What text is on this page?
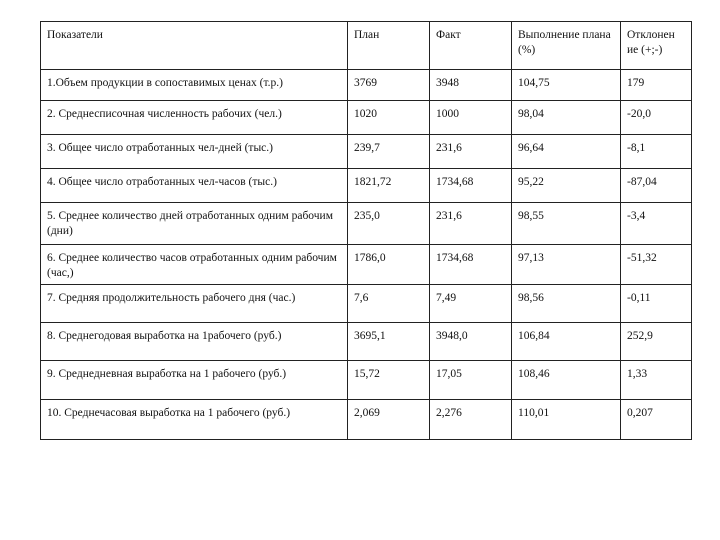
Показатели	План	Факт	Выполнение плана (%)	Отклонен ие (+;-)
1.Объем продукции в сопоставимых ценах (т.р.)	3769	3948	104,75	179
2. Среднесписочная численность рабочих (чел.)	1020	1000	98,04	-20,0
3. Общее число отработанных чел-дней (тыс.)	239,7	231,6	96,64	-8,1
4. Общее число отработанных чел-часов (тыс.)	1821,72	1734,68	95,22	-87,04
5. Среднее количество дней отработанных одним рабочим (дни)	235,0	231,6	98,55	-3,4
6. Среднее количество часов отработанных одним рабочим (час,)	1786,0	1734,68	97,13	-51,32
7. Средняя продолжительность рабочего дня (час.)	7,6	7,49	98,56	-0,11
8. Среднегодовая выработка на 1рабочего (руб.)	3695,1	3948,0	106,84	252,9
9. Среднедневная выработка на 1 рабочего (руб.)	15,72	17,05	108,46	1,33
10. Среднечасовая выработка на 1 рабочего (руб.)	2,069	2,276	110,01	0,207
